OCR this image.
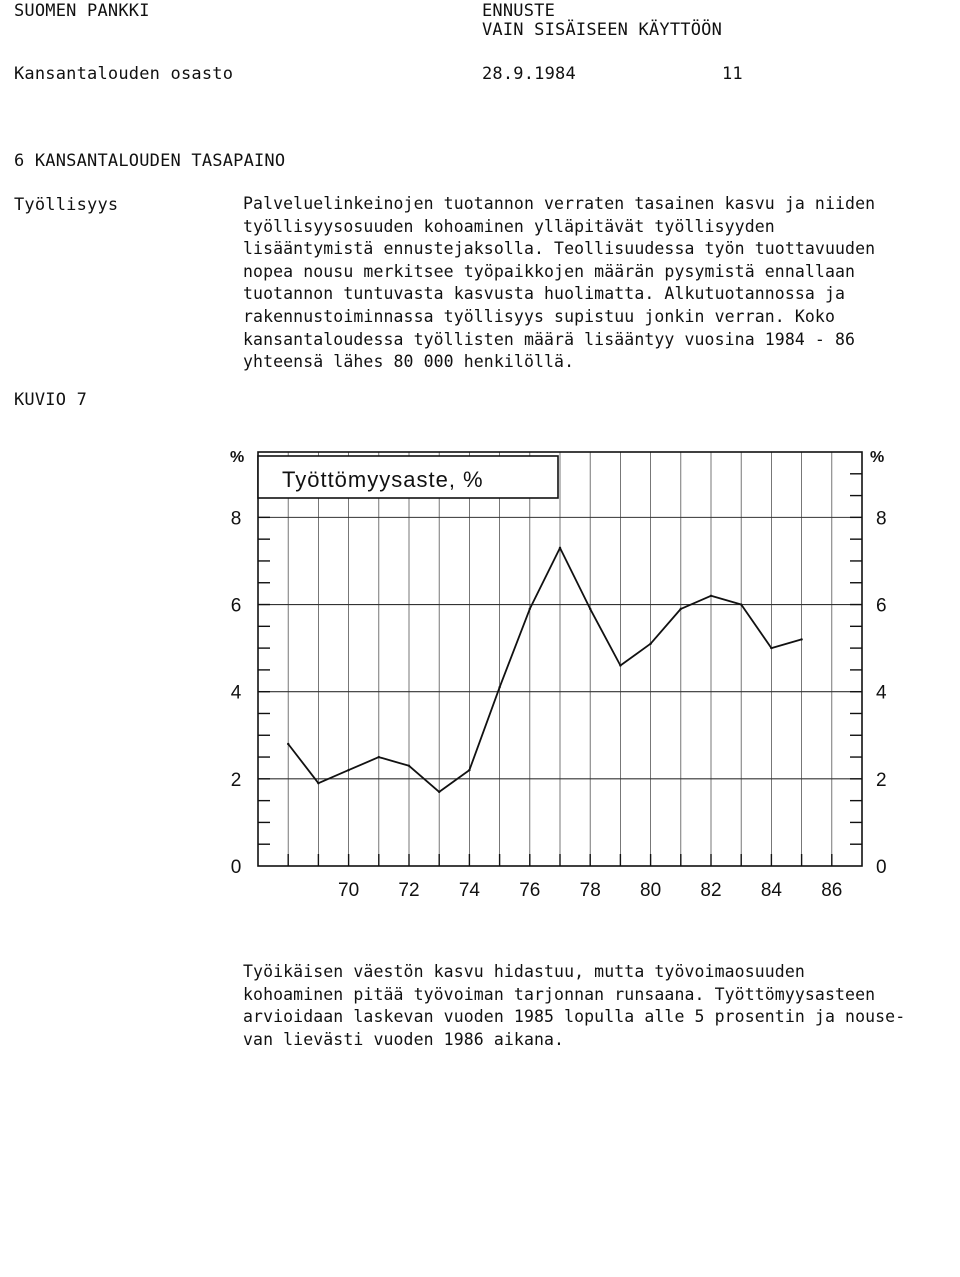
SUOMEN PANKKI	ENNUSTE
VAIN SISÄISEEN KÄYTTÖÖN
Kansantalouden osasto	28.9.1984	11
6 KANSANTALOUDEN TASAPAINO
Työllisyys	Palveluelinkeinojen tuotannon verraten tasainen kasvu ja niiden
työllisyysosuuden kohoaminen ylläpitävät työllisyyden
lisääntymistä ennustejaksolla. Teollisuudessa työn tuottavuuden
nopea nousu merkitsee työpaikkojen määrän pysymistä ennallaan
tuotannon tuntuvasta kasvusta huolimatta. Alkutuotannossa ja
rakennustoiminnassa työllisyys supistuu jonkin verran. Koko
kansantaloudessa työllisten määrä lisääntyy vuosina 1984 - 86
yhteensä lähes 80 000 henkilöllä.
KUVIO 7
Työttömyysaste, %
%	%
70 72 74 76 78 80 82 84 86
0	0
2	2
4	4
6	6
8	8
Työikäisen väestön kasvu hidastuu, mutta työvoimaosuuden
kohoaminen pitää työvoiman tarjonnan runsaana. Työttömyysasteen
arvioidaan laskevan vuoden 1985 lopulla alle 5 prosentin ja nouse-
van lievästi vuoden 1986 aikana.
